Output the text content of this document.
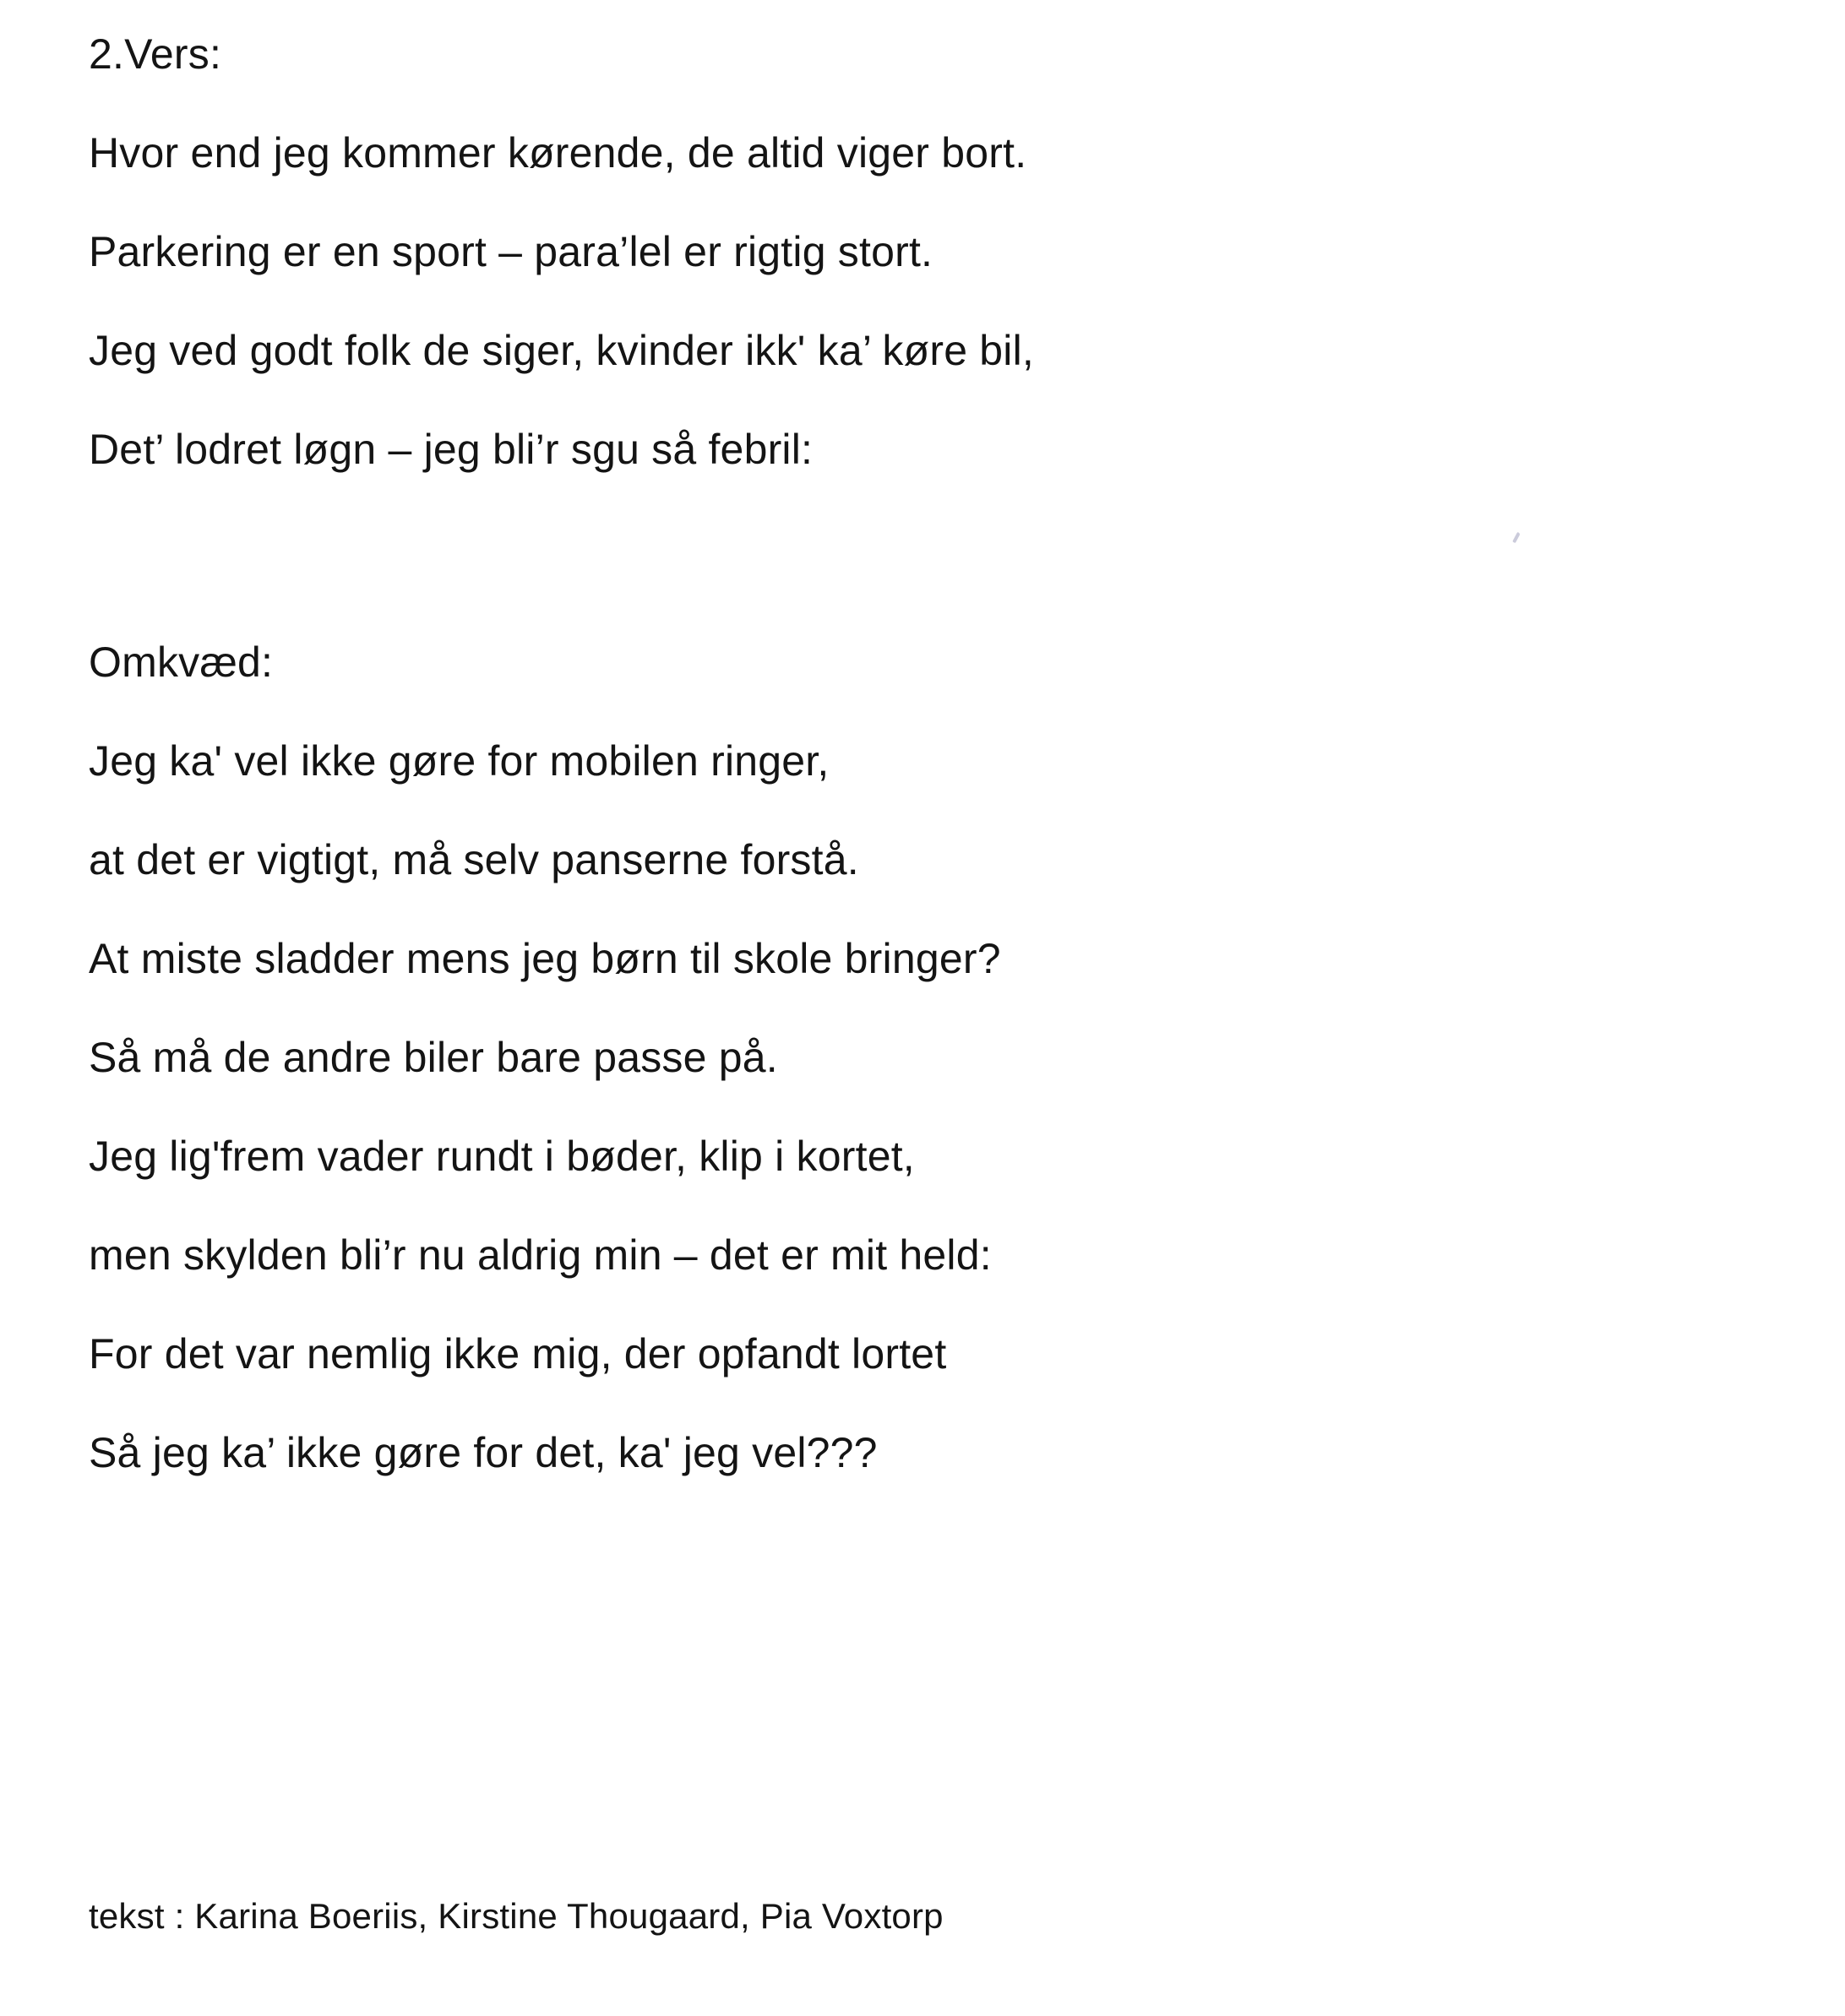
2.Vers:

Hvor end jeg kommer kørende, de altid viger bort.

Parkering er en sport – para’lel er rigtig stort.

Jeg ved godt folk de siger, kvinder ikk' ka’ køre bil,

Det’ lodret løgn – jeg bli’r sgu så febril:

Omkvæd:

Jeg ka' vel ikke gøre for mobilen ringer,

at det er vigtigt, må selv panserne forstå.

At miste sladder mens jeg børn til skole bringer?

Så må de andre biler bare passe på.

Jeg lig'frem vader rundt i bøder, klip i kortet,

men skylden bli’r nu aldrig min – det er mit held:

For det var nemlig ikke mig, der opfandt lortet

Så jeg ka’ ikke gøre for det, ka' jeg vel???

tekst : Karina Boeriis, Kirstine Thougaard, Pia Voxtorp
